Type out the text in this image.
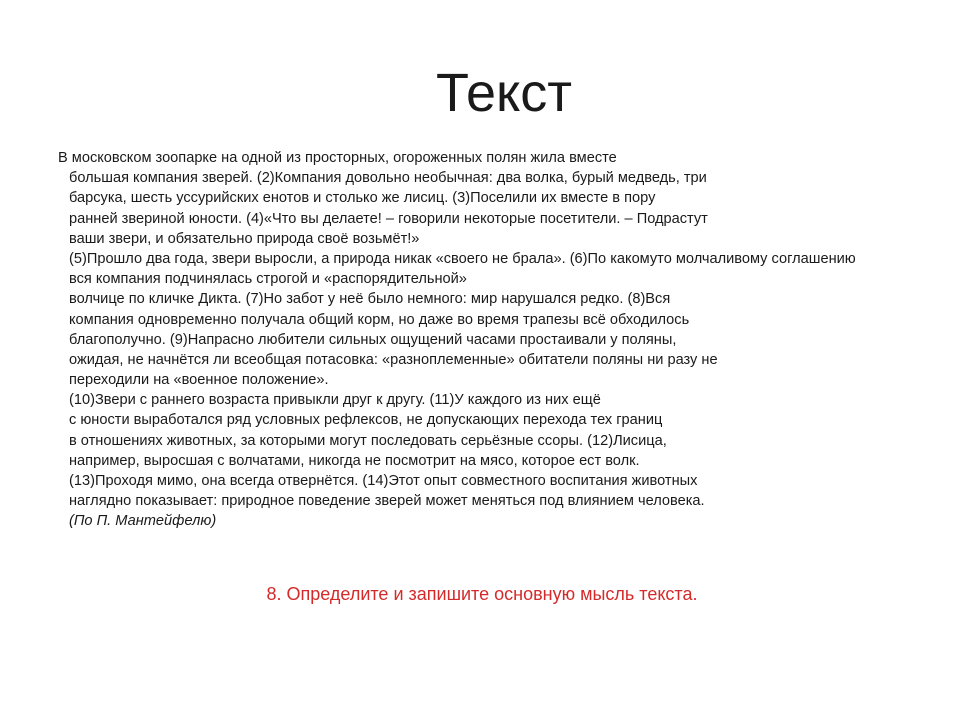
Текст
В московском зоопарке на одной из просторных, огороженных полян жила вместе
большая компания зверей. (2)Компания довольно необычная: два волка, бурый медведь, три
барсука, шесть уссурийских енотов и столько же лисиц. (3)Поселили их вместе в пору
ранней звериной юности. (4)«Что вы делаете! – говорили некоторые посетители. – Подрастут
ваши звери, и обязательно природа своё возьмёт!»
(5)Прошло два года, звери выросли, а природа никак «своего не брала». (6)По какомуто молчаливому соглашению
вся компания подчинялась строгой и «распорядительной»
волчице по кличке Дикта. (7)Но забот у неё было немного: мир нарушался редко. (8)Вся
компания одновременно получала общий корм, но даже во время трапезы всё обходилось
благополучно. (9)Напрасно любители сильных ощущений часами простаивали у поляны,
ожидая, не начнётся ли всеобщая потасовка: «разноплеменные» обитатели поляны ни разу не
переходили на «военное положение».
(10)Звери с раннего возраста привыкли друг к другу. (11)У каждого из них ещё
с юности выработался ряд условных рефлексов, не допускающих перехода тех границ
в отношениях животных, за которыми могут последовать серьёзные ссоры. (12)Лисица,
например, выросшая с волчатами, никогда не посмотрит на мясо, которое ест волк.
(13)Проходя мимо, она всегда отвернётся. (14)Этот опыт совместного воспитания животных
наглядно показывает: природное поведение зверей может меняться под влиянием человека.
(По П. Мантейфелю)
8. Определите и запишите основную мысль текста.
